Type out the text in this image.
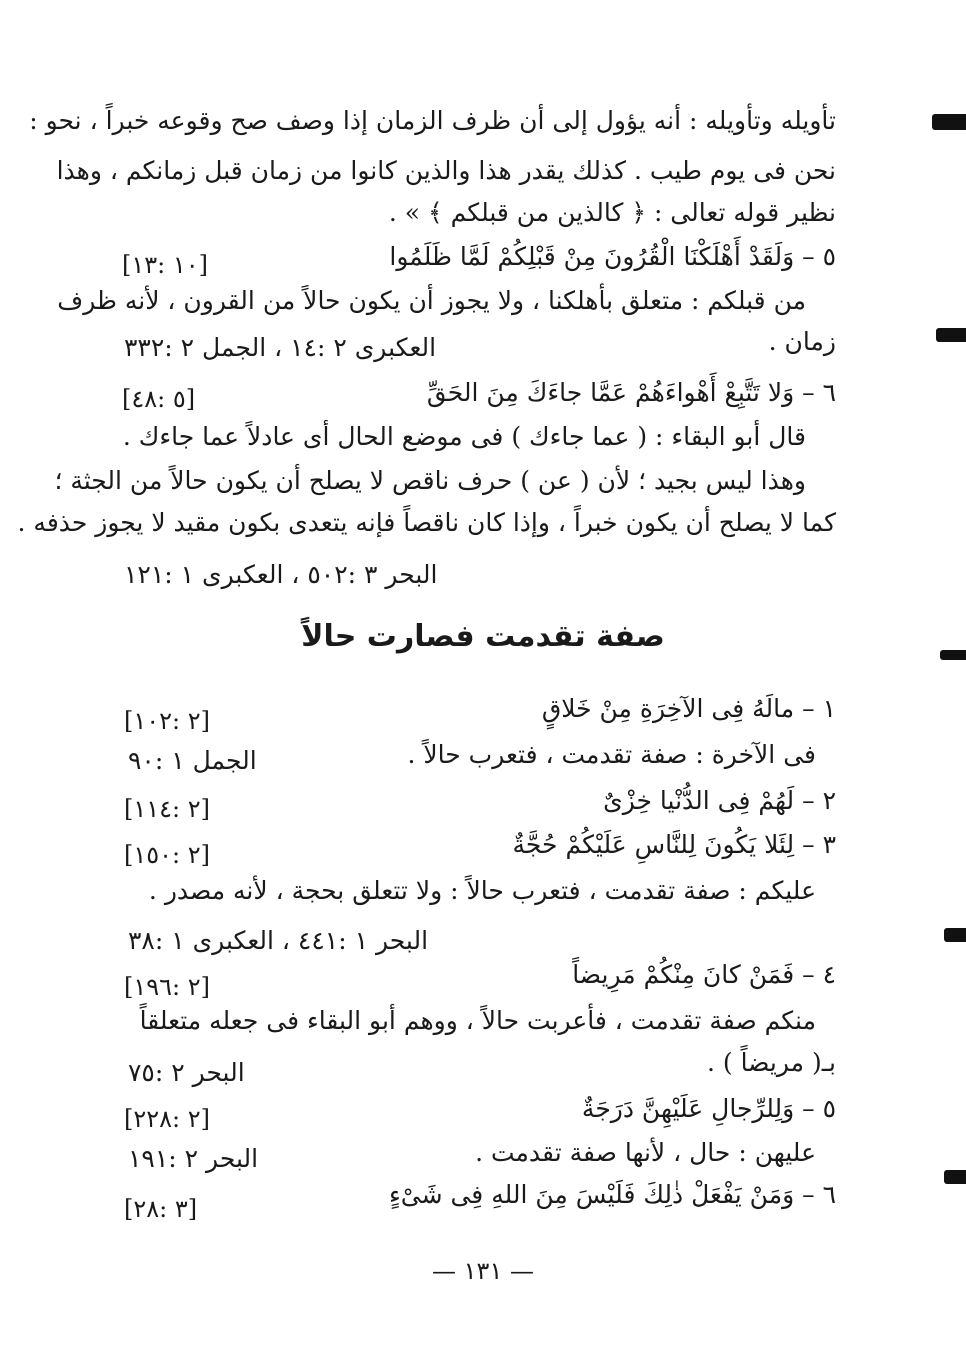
تأويله وتأويله : أنه يؤول إلى أن ظرف الزمان إذا وصف صح وقوعه خبراً ، نحو :
نحن فى يوم طيب . كذلك يقدر هذا والذين كانوا من زمان قبل زمانكم ، وهذا
نظير قوله تعالى : ﴿ كالذين من قبلكم ﴾ » .
٥ – وَلَقَدْ أَهْلَكْنَا الْقُرُونَ مِنْ قَبْلِكُمْ لَمَّا ظَلَمُوا
[١٠ :١٣]
من قبلكم : متعلق بأهلكنا ، ولا يجوز أن يكون حالاً من القرون ، لأنه ظرف
زمان .
العكبرى ٢ :١٤ ، الجمل ٢ :٣٣٢
٦ – وَلا تَتَّبِعْ أَهْواءَهُمْ عَمَّا جاءَكَ مِنَ الحَقِّ
[٥ :٤٨]
قال أبو البقاء : ( عما جاءك ) فى موضع الحال أى عادلاً عما جاءك .
وهذا ليس بجيد ؛ لأن ( عن ) حرف ناقص لا يصلح أن يكون حالاً من الجثة ؛
كما لا يصلح أن يكون خبراً ، وإذا كان ناقصاً فإنه يتعدى بكون مقيد لا يجوز حذفه .
البحر ٣ :٥٠٢ ، العكبرى ١ :١٢١
صفة تقدمت فصارت حالاً
١ – مالَهُ فِى الآخِرَةِ مِنْ خَلاقٍ
[٢ :١٠٢]
فى الآخرة : صفة تقدمت ، فتعرب حالاً .
الجمل ١ :٩٠
٢ – لَهُمْ فِى الدُّنْيا خِزْىٌ
[٢ :١١٤]
٣ – لِئَلا يَكُونَ لِلنَّاسِ عَلَيْكُمْ حُجَّةٌ
[٢ :١٥٠]
عليكم : صفة تقدمت ، فتعرب حالاً : ولا تتعلق بحجة ، لأنه مصدر .
البحر ١ :٤٤١ ، العكبرى ١ :٣٨
٤ – فَمَنْ كانَ مِنْكُمْ مَرِيضاً
[٢ :١٩٦]
منكم صفة تقدمت ، فأعربت حالاً ، ووهم أبو البقاء فى جعله متعلقاً
بـ( مريضاً ) .
البحر ٢ :٧٥
٥ – وَلِلرِّجالِ عَلَيْهِنَّ دَرَجَةٌ
[٢ :٢٢٨]
عليهن : حال ، لأنها صفة تقدمت .
البحر ٢ :١٩١
٦ – وَمَنْ يَفْعَلْ ذٰلِكَ فَلَيْسَ مِنَ اللهِ فِى شَىْءٍ
[٣ :٢٨]
— ١٣١ —
